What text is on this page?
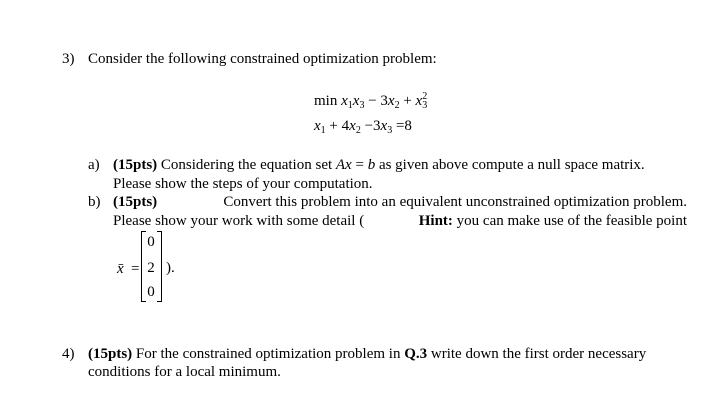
3) Consider the following constrained optimization problem:
$\min x_1x_3 - 3x_2 + x_3^2$
$x_1 + 4x_2 -3x_3 =8$
a) (15pts) Considering the equation set Ax = b as given above compute a null space matrix.
Please show the steps of your computation.
b) (15pts)	Convert this problem into an equivalent unconstrained optimization problem.
Please show your work with some detail (	Hint: you can make use of the feasible point
x̄ =
0
2
0
).
4) (15pts) For the constrained optimization problem in Q.3 write down the first order necessary
conditions for a local minimum.
